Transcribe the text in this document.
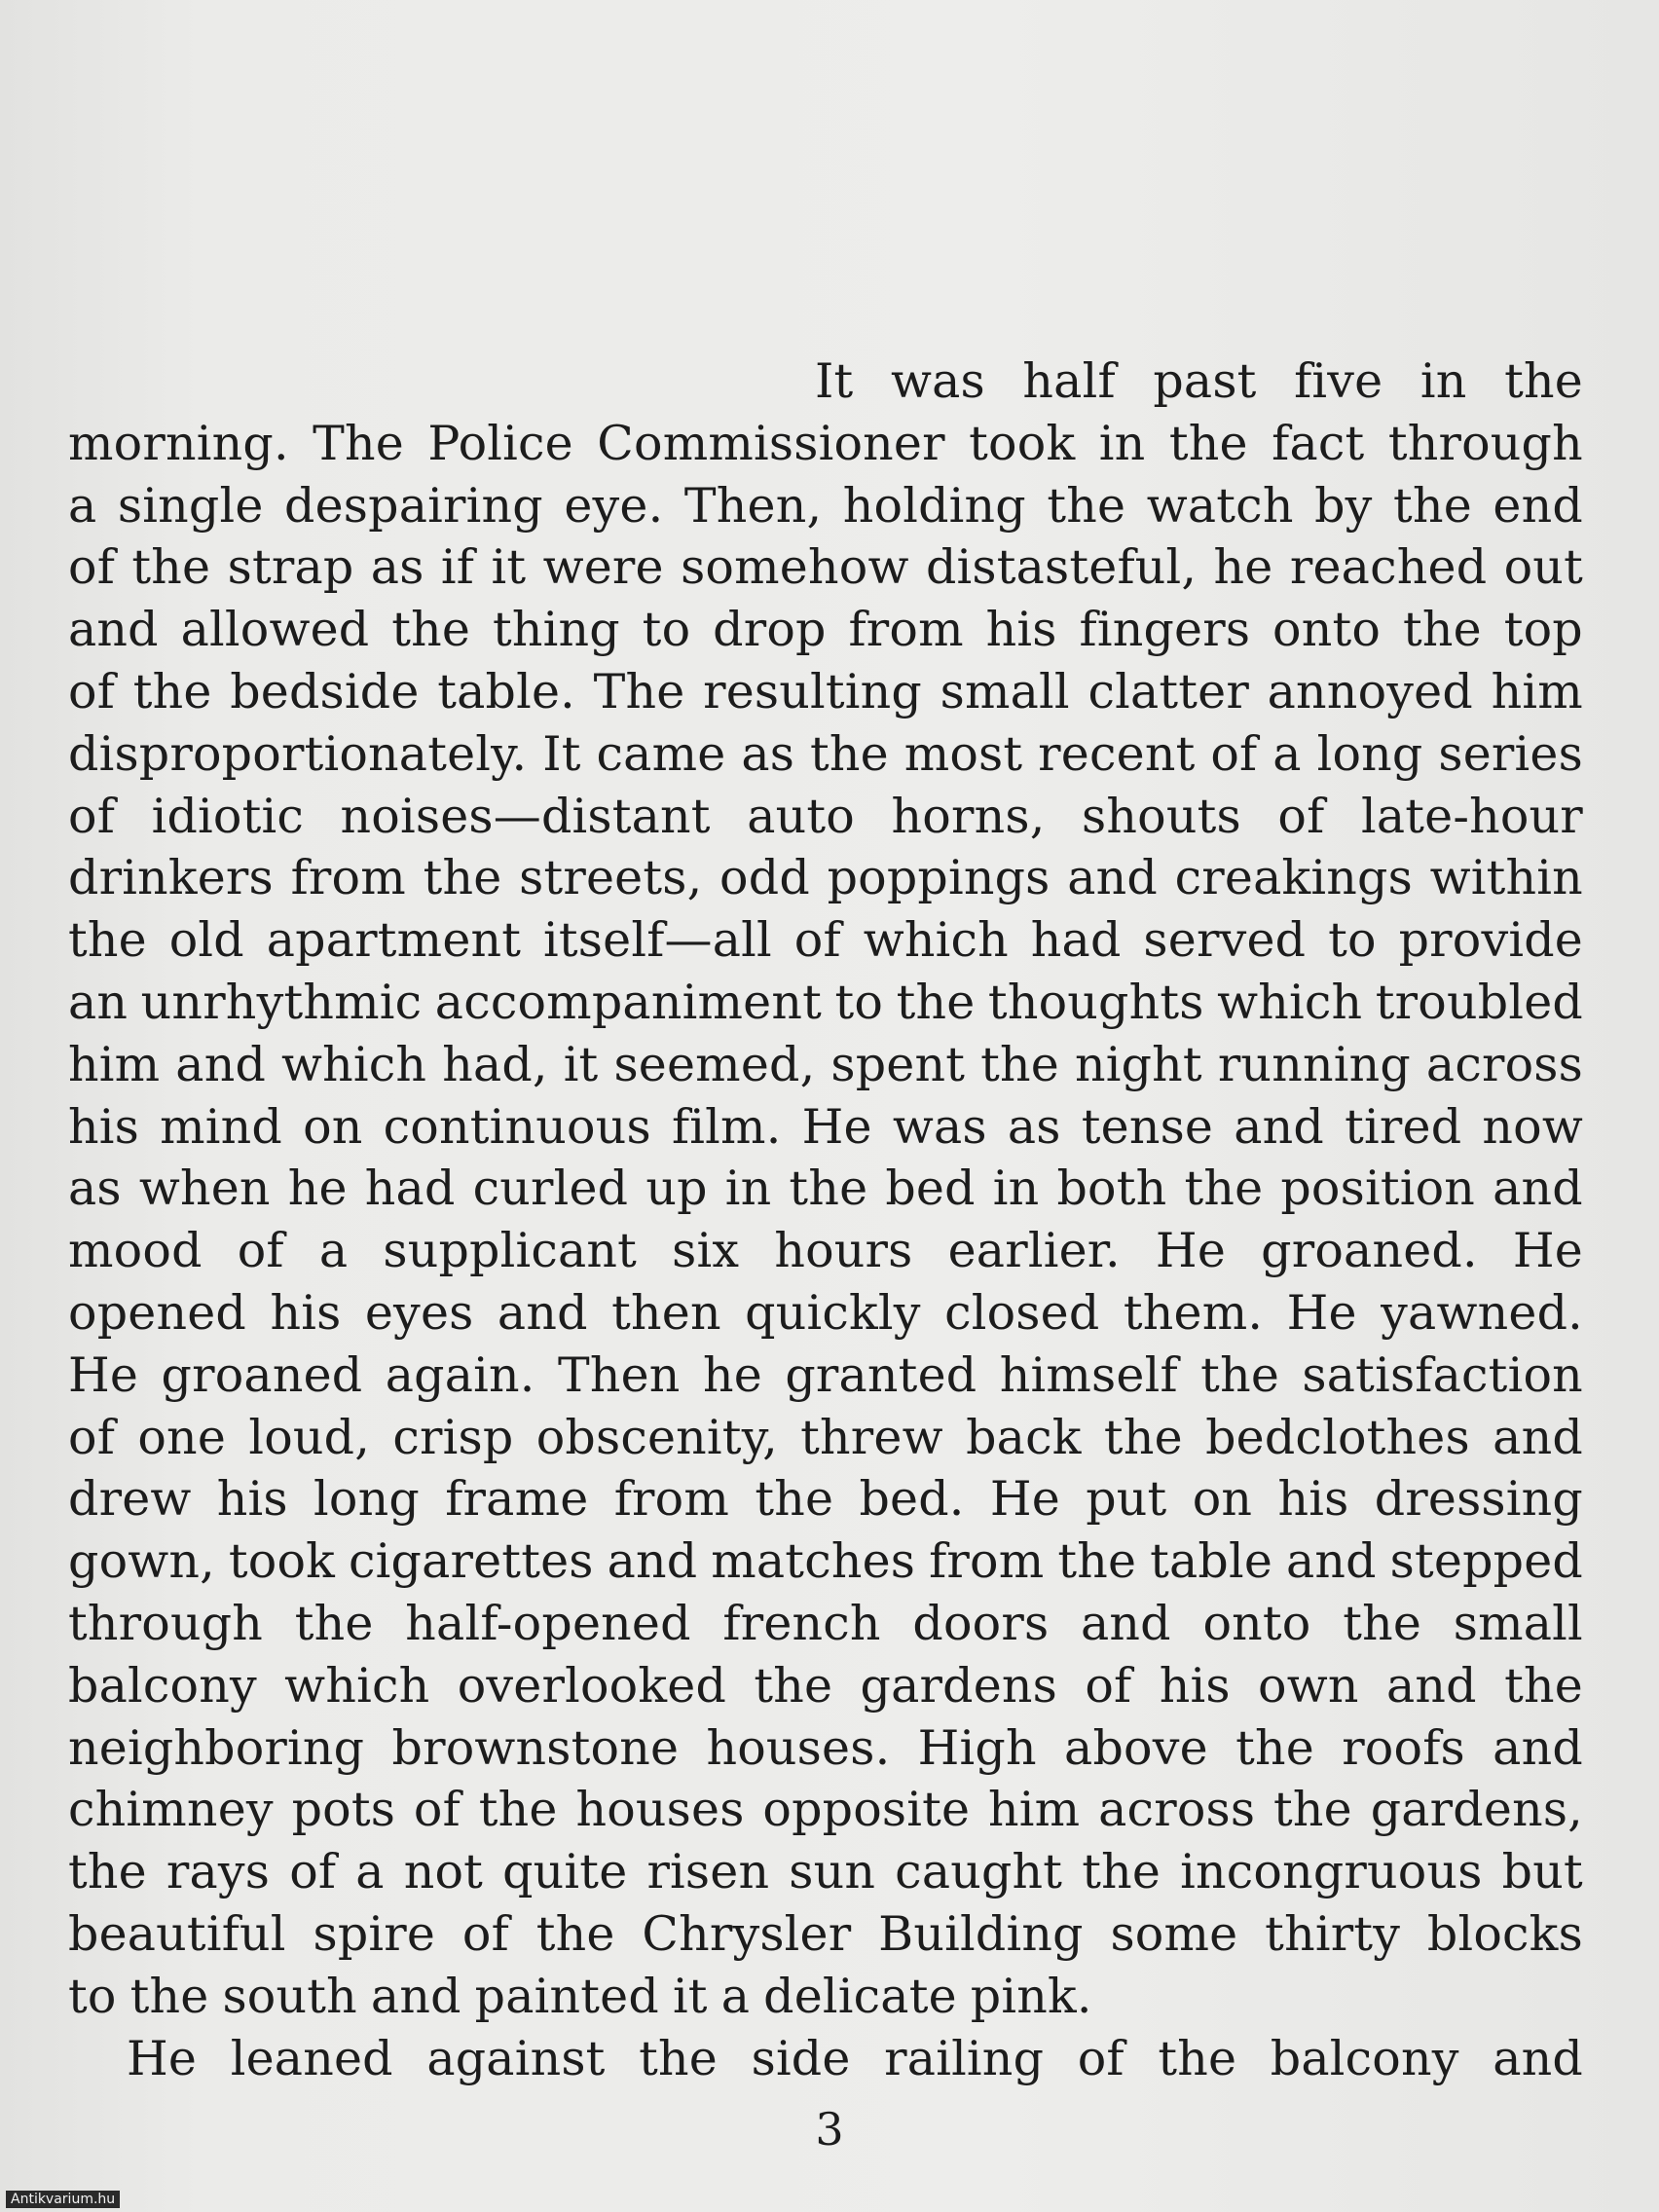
It was half past five in the
morning. The Police Commissioner took in the fact through
a single despairing eye. Then, holding the watch by the end
of the strap as if it were somehow distasteful, he reached out
and allowed the thing to drop from his fingers onto the top
of the bedside table. The resulting small clatter annoyed him
disproportionately. It came as the most recent of a long series
of idiotic noises—distant auto horns, shouts of late-hour
drinkers from the streets, odd poppings and creakings within
the old apartment itself—all of which had served to provide
an unrhythmic accompaniment to the thoughts which troubled
him and which had, it seemed, spent the night running across
his mind on continuous film. He was as tense and tired now
as when he had curled up in the bed in both the position and
mood of a supplicant six hours earlier. He groaned. He
opened his eyes and then quickly closed them. He yawned.
He groaned again. Then he granted himself the satisfaction
of one loud, crisp obscenity, threw back the bedclothes and
drew his long frame from the bed. He put on his dressing
gown, took cigarettes and matches from the table and stepped
through the half-opened french doors and onto the small
balcony which overlooked the gardens of his own and the
neighboring brownstone houses. High above the roofs and
chimney pots of the houses opposite him across the gardens,
the rays of a not quite risen sun caught the incongruous but
beautiful spire of the Chrysler Building some thirty blocks
to the south and painted it a delicate pink.
He leaned against the side railing of the balcony and
3
Antikvarium.hu
